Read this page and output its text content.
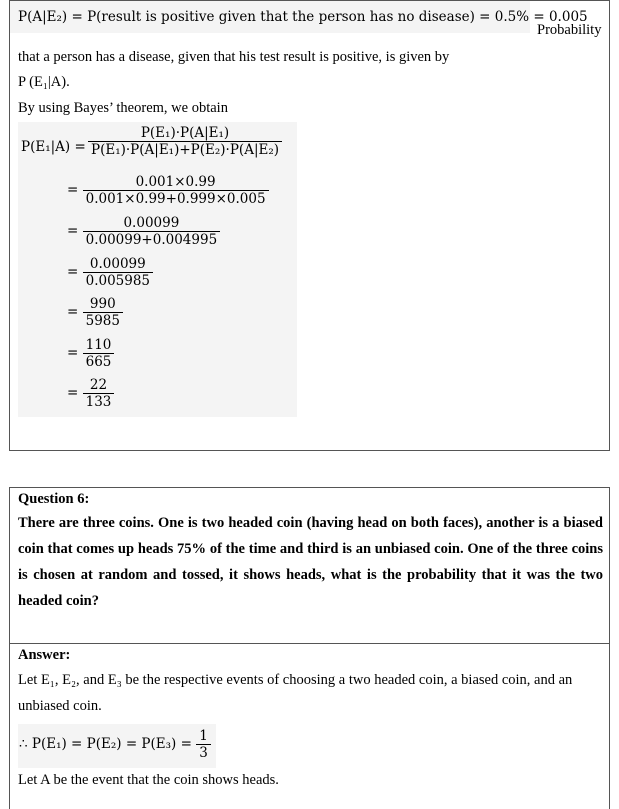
P(A|E₂) = P(result is positive given that the person has no disease) = 0.5% = 0.005
Probability
that a person has a disease, given that his test result is positive, is given by
P (E₁|A).
By using Bayes’ theorem, we obtain
$P(E_1|A) = \frac{\text{P(E₁)·P(A|E₁)}}{\text{P(E₁)·P(A|E₁)+P(E₂)·P(A|E₂)}}$
= $\frac{0.001\times 0.99}{0.001\times 0.99+0.999\times 0.005}$
= $\frac{0.00099}{0.00099+0.004995}$
= $\frac{0.00099}{0.005985}$
= $\frac{990}{5985}$
= $\frac{110}{665}$
= $\frac{22}{133}$
Question 6:
There are three coins. One is two headed coin (having head on both faces), another is a biased coin that comes up heads 75% of the time and third is an unbiased coin. One of the three coins is chosen at random and tossed, it shows heads, what is the probability that it was the two headed coin?
Answer:
Let E₁, E₂, and E₃ be the respective events of choosing a two headed coin, a biased coin, and an
unbiased coin.
∴ $P(E_1) = P(E_2) = P(E_3) = \frac{1}{3}$
Let A be the event that the coin shows heads.
